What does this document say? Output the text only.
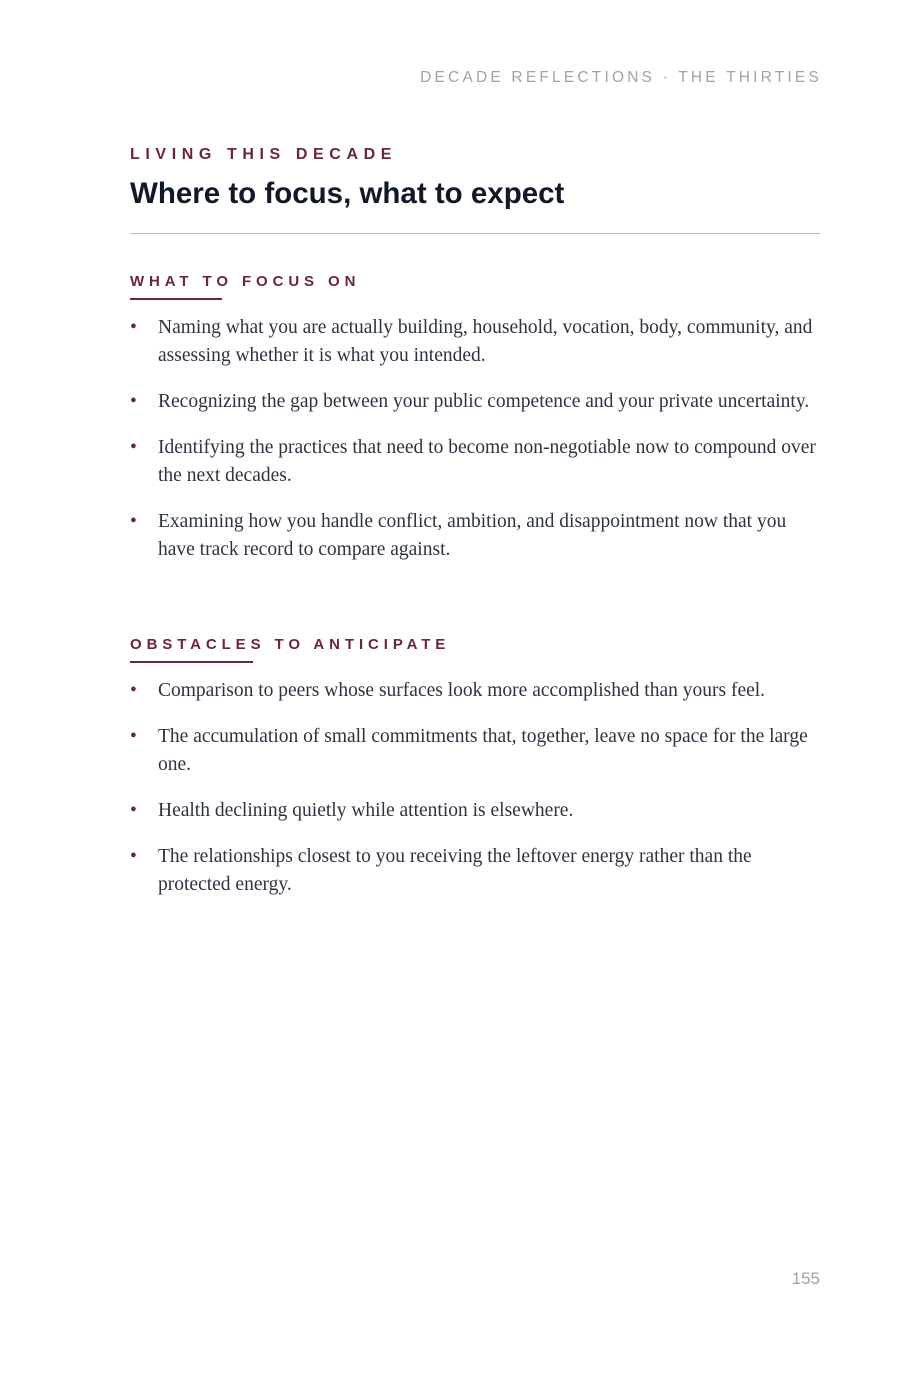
DECADE REFLECTIONS · THE THIRTIES
LIVING THIS DECADE
Where to focus, what to expect
WHAT TO FOCUS ON
• Naming what you are actually building, household, vocation, body, community, and assessing whether it is what you intended.
• Recognizing the gap between your public competence and your private uncertainty.
• Identifying the practices that need to become non-negotiable now to compound over the next decades.
• Examining how you handle conflict, ambition, and disappointment now that you have track record to compare against.
OBSTACLES TO ANTICIPATE
• Comparison to peers whose surfaces look more accomplished than yours feel.
• The accumulation of small commitments that, together, leave no space for the large one.
• Health declining quietly while attention is elsewhere.
• The relationships closest to you receiving the leftover energy rather than the protected energy.
155
